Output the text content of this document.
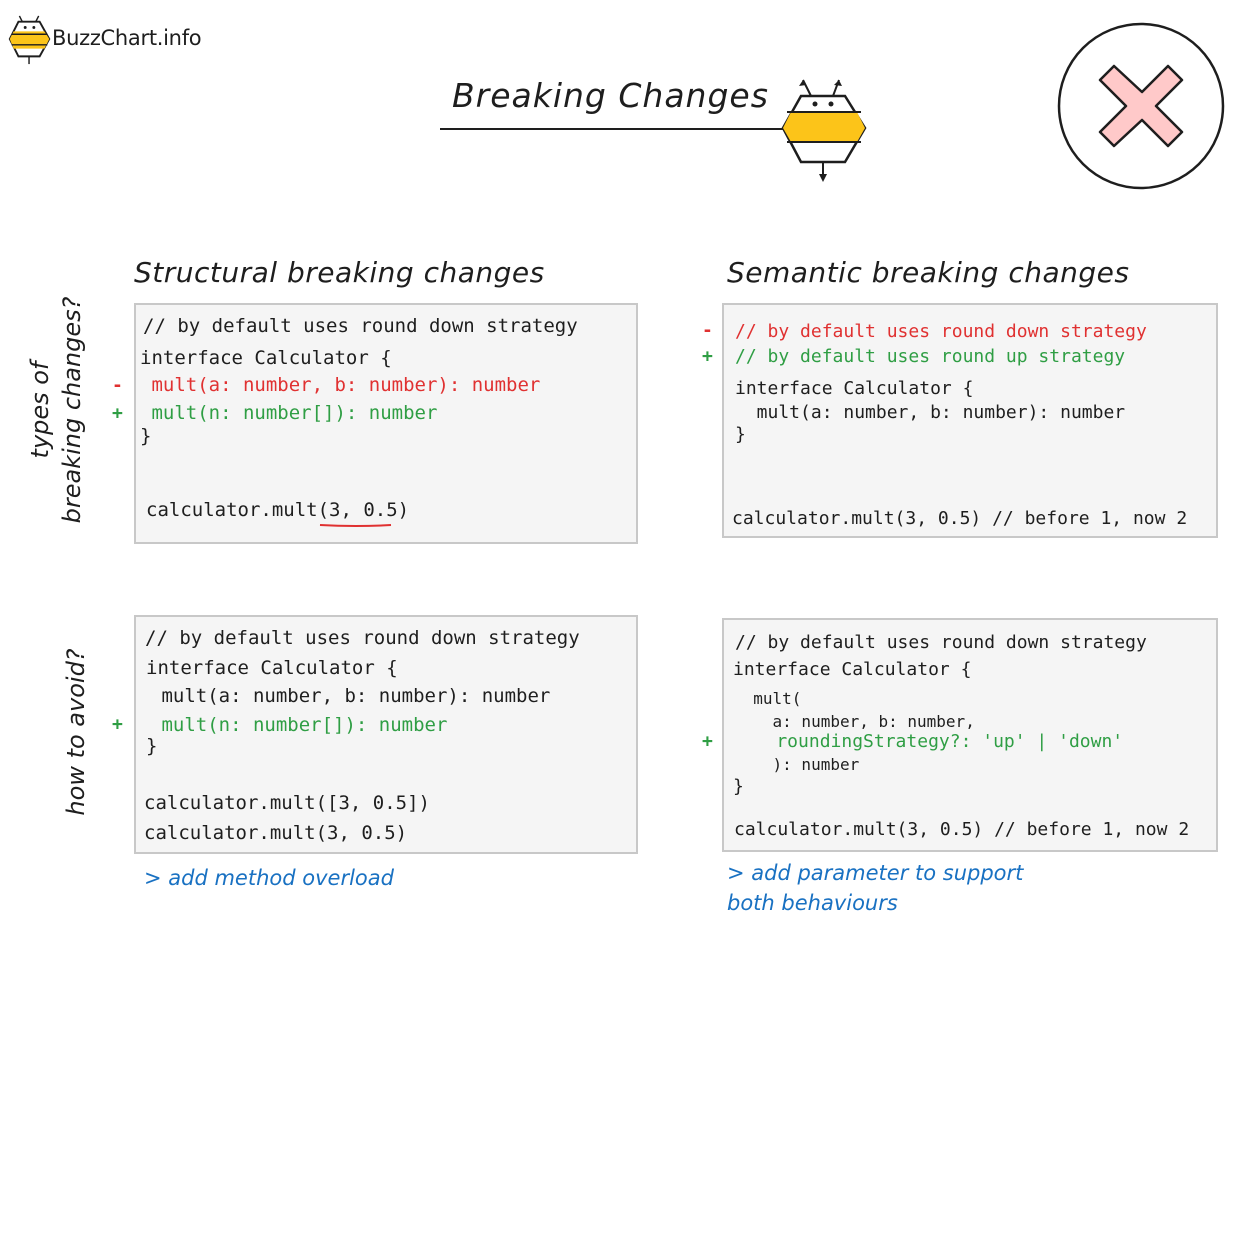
BuzzChart.info
Breaking Changes
Structural breaking changes	Semantic breaking changes
types of breaking changes?
how to avoid?
// by default uses round down strategy
interface Calculator {
mult(a: number, b: number): number
mult(n: number[]): number
}
calculator.mult(3, 0.5)
-
+
// by default uses round down strategy
// by default uses round up strategy
interface Calculator {
mult(a: number, b: number): number
}
calculator.mult(3, 0.5) // before 1, now 2
-
+
// by default uses round down strategy
interface Calculator {
mult(a: number, b: number): number
mult(n: number[]): number
}
calculator.mult([3, 0.5])
calculator.mult(3, 0.5)
+
> add method overload
// by default uses round down strategy
interface Calculator {
mult(
a: number, b: number,
roundingStrategy?: 'up' | 'down'
): number
}
calculator.mult(3, 0.5) // before 1, now 2
+
> add parameter to support
both behaviours
